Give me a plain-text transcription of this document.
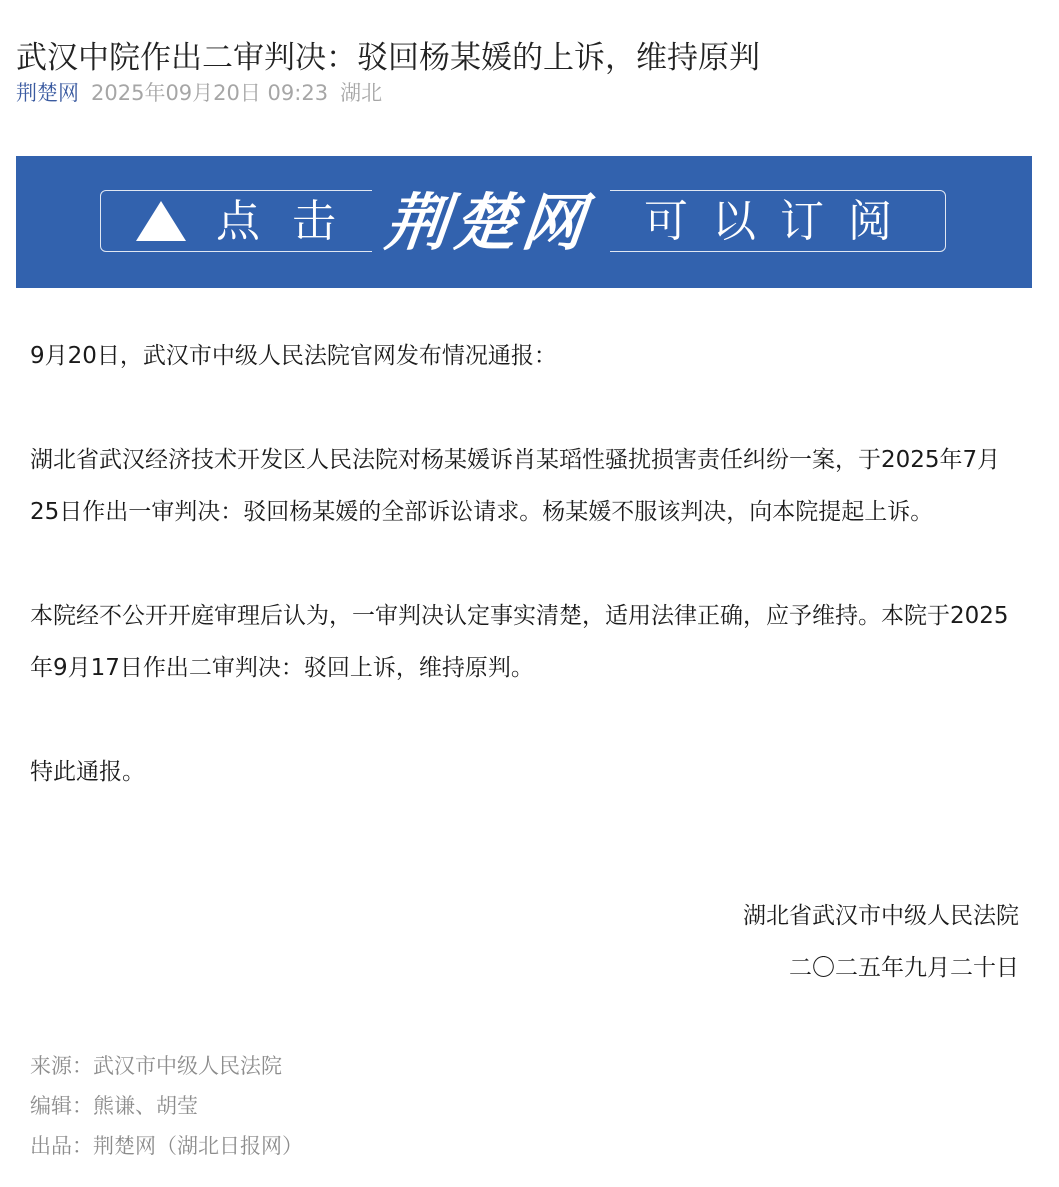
武汉中院作出二审判决：驳回杨某媛的上诉，维持原判
荆楚网 2025年09月20日 09:23 湖北
点击 荆楚网	可以订阅

9月20日，武汉市中级人民法院官网发布情况通报：

湖北省武汉经济技术开发区人民法院对杨某媛诉肖某瑫性骚扰损害责任纠纷一案，于2025年7月25日作出一审判决：驳回杨某媛的全部诉讼请求。杨某媛不服该判决，向本院提起上诉。

本院经不公开开庭审理后认为，一审判决认定事实清楚，适用法律正确，应予维持。本院于2025年9月17日作出二审判决：驳回上诉，维持原判。

特此通报。

湖北省武汉市中级人民法院
二〇二五年九月二十日
来源：武汉市中级人民法院
编辑：熊谦、胡莹
出品：荆楚网（湖北日报网）
